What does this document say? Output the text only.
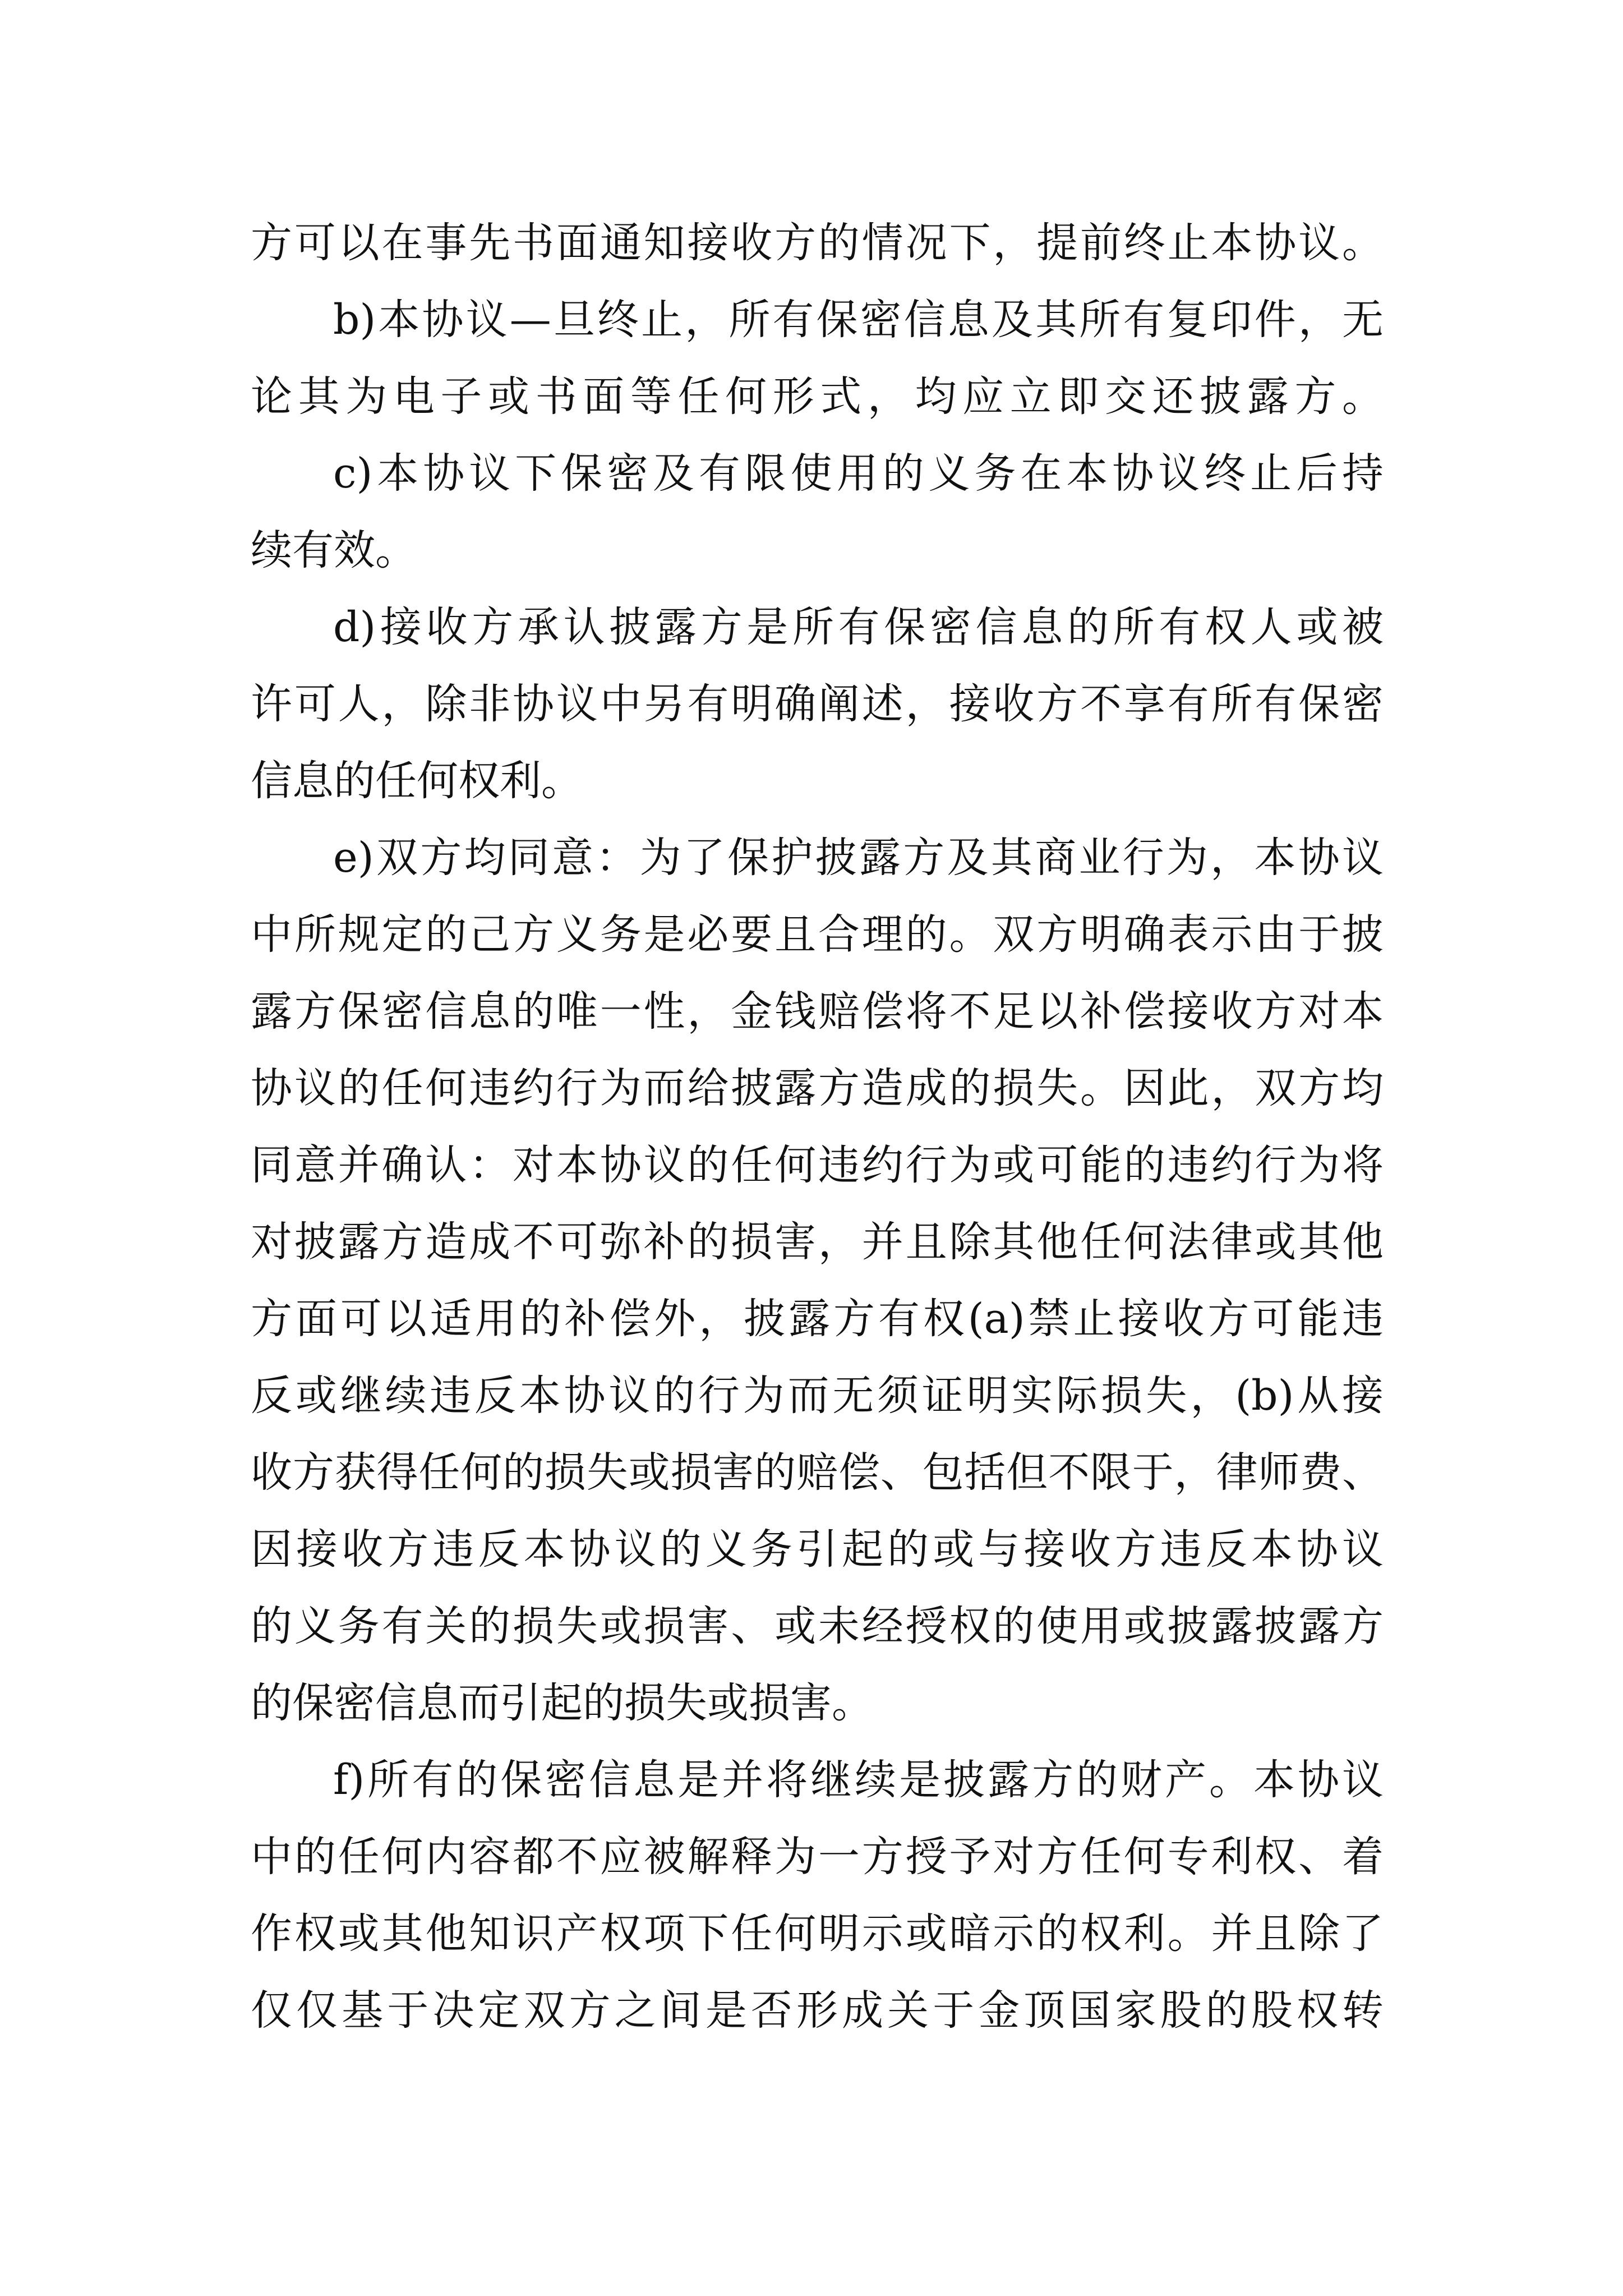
方可以在事先书面通知接收方的情况下，提前终止本协议。
b)本协议—旦终止，所有保密信息及其所有复印件，无
论其为电子或书面等任何形式，均应立即交还披露方。
c)本协议下保密及有限使用的义务在本协议终止后持
续有效。
d)接收方承认披露方是所有保密信息的所有权人或被
许可人，除非协议中另有明确阐述，接收方不享有所有保密
信息的任何权利。
e)双方均同意：为了保护披露方及其商业行为，本协议
中所规定的己方义务是必要且合理的。双方明确表示由于披
露方保密信息的唯一性，金钱赔偿将不足以补偿接收方对本
协议的任何违约行为而给披露方造成的损失。因此，双方均
同意并确认：对本协议的任何违约行为或可能的违约行为将
对披露方造成不可弥补的损害，并且除其他任何法律或其他
方面可以适用的补偿外，披露方有权(a)禁止接收方可能违
反或继续违反本协议的行为而无须证明实际损失，(b)从接
收方获得任何的损失或损害的赔偿、包括但不限于，律师费、
因接收方违反本协议的义务引起的或与接收方违反本协议
的义务有关的损失或损害、或未经授权的使用或披露披露方
的保密信息而引起的损失或损害。
f)所有的保密信息是并将继续是披露方的财产。本协议
中的任何内容都不应被解释为一方授予对方任何专利权、着
作权或其他知识产权项下任何明示或暗示的权利。并且除了
仅仅基于决定双方之间是否形成关于金顶国家股的股权转
